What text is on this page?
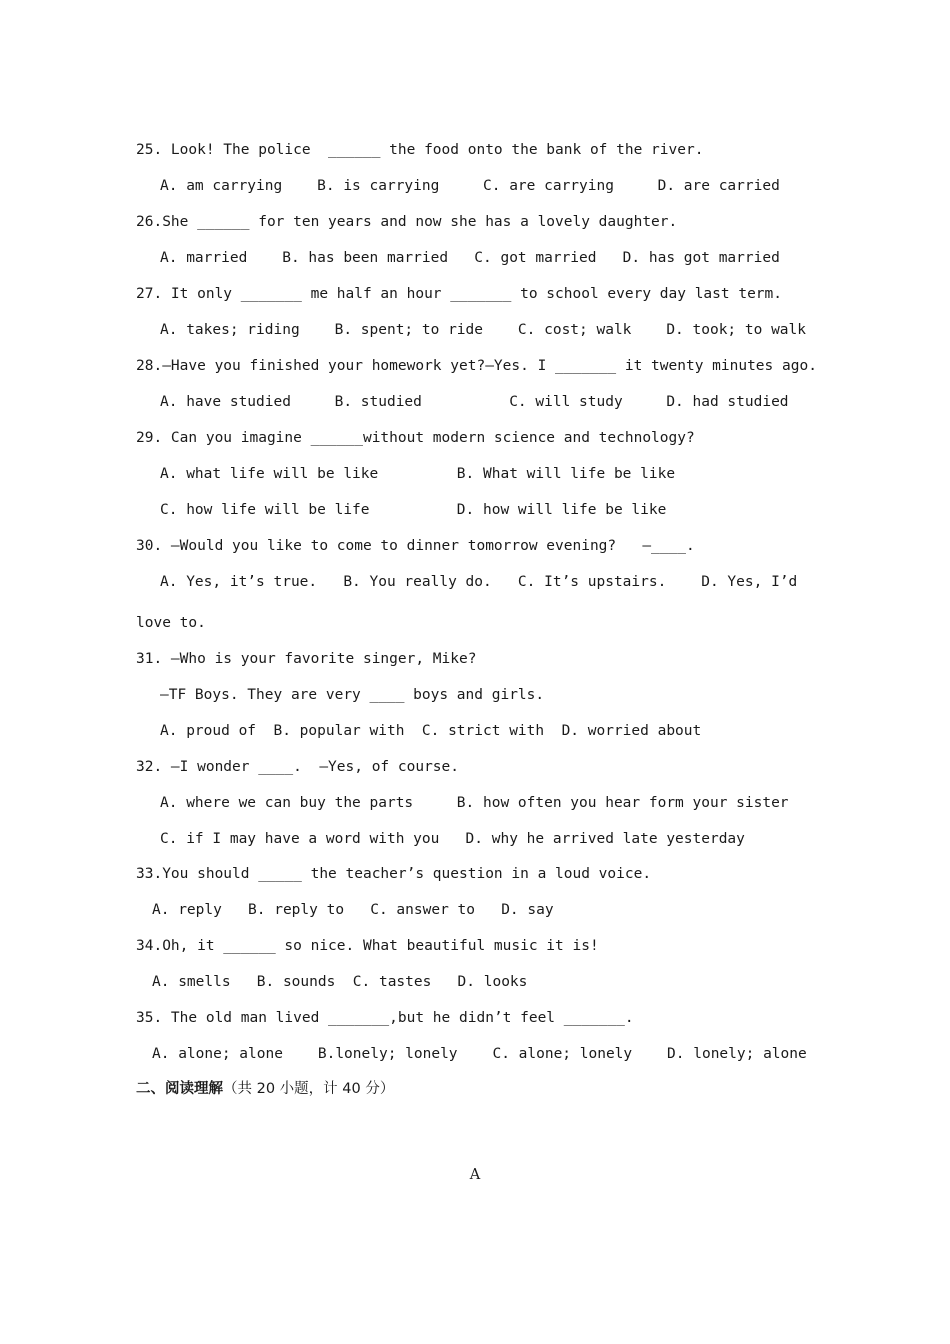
25. Look! The police  ______ the food onto the bank of the river.
A. am carrying    B. is carrying     C. are carrying     D. are carried
26.She ______ for ten years and now she has a lovely daughter.
A. married    B. has been married   C. got married   D. has got married
27. It only _______ me half an hour _______ to school every day last term.
A. takes; riding    B. spent; to ride    C. cost; walk    D. took; to walk
28.—Have you finished your homework yet?—Yes. I _______ it twenty minutes ago.
A. have studied     B. studied          C. will study     D. had studied
29. Can you imagine ______without modern science and technology?
A. what life will be like         B. What will life be like
C. how life will be life          D. how will life be like
30. —Would you like to come to dinner tomorrow evening?   —____.
A. Yes, it’s true.   B. You really do.   C. It’s upstairs.    D. Yes, I’d
love to.
31. —Who is your favorite singer, Mike?
—TF Boys. They are very ____ boys and girls.
A. proud of  B. popular with  C. strict with  D. worried about
32. —I wonder ____.  —Yes, of course.
A. where we can buy the parts     B. how often you hear form your sister
C. if I may have a word with you   D. why he arrived late yesterday
33.You should _____ the teacher’s question in a loud voice.
A. reply   B. reply to   C. answer to   D. say
34.Oh, it ______ so nice. What beautiful music it is!
A. smells   B. sounds  C. tastes   D. looks
35. The old man lived _______,but he didn’t feel _______.
A. alone; alone    B.lonely; lonely    C. alone; lonely    D. lonely; alone
二、阅读理解（共 20 小题，计 40 分）
A
